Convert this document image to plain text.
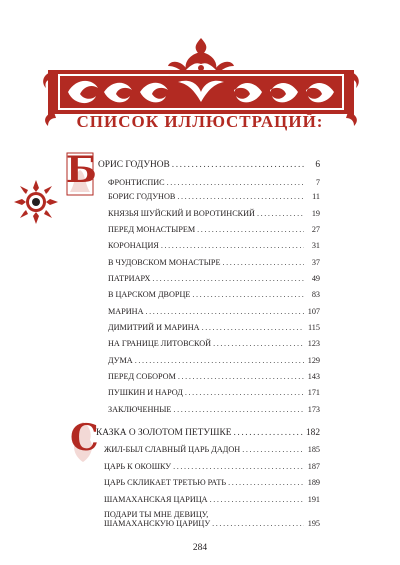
СПИСОК ИЛЛЮСТРАЦИЙ:
Б ОРИС ГОДУНОВ .....	6
ФРОНТИСПИС .....	7
БОРИС ГОДУНОВ .....	11
КНЯЗЬЯ ШУЙСКИЙ И ВОРОТИНСКИЙ .....	19
ПЕРЕД МОНАСТЫРЕМ .....	27
КОРОНАЦИЯ .....	31
В ЧУДОВСКОМ МОНАСТЫРЕ .....	37
ПАТРИАРХ .....	49
В ЦАРСКОМ ДВОРЦЕ .....	83
МАРИНА .....	107
ДИМИТРИЙ И МАРИНА .....	115
НА ГРАНИЦЕ ЛИТОВСКОЙ .....	123
ДУМА .....	129
ПЕРЕД СОБОРОМ .....	143
ПУШКИН И НАРОД .....	171
ЗАКЛЮЧЕННЫЕ .....	173
С
КАЗКА О ЗОЛОТОМ ПЕТУШКЕ .....	182
ЖИЛ-БЫЛ СЛАВНЫЙ ЦАРЬ ДАДОН .....	185
ЦАРЬ К ОКОШКУ .....	187
ЦАРЬ СКЛИКАЕТ ТРЕТЬЮ РАТЬ .....	189
ШАМАХАНСКАЯ ЦАРИЦА .....	191
ПОДАРИ ТЫ МНЕ ДЕВИЦУ,
ШАМАХАНСКУЮ ЦАРИЦУ .....	195
284
